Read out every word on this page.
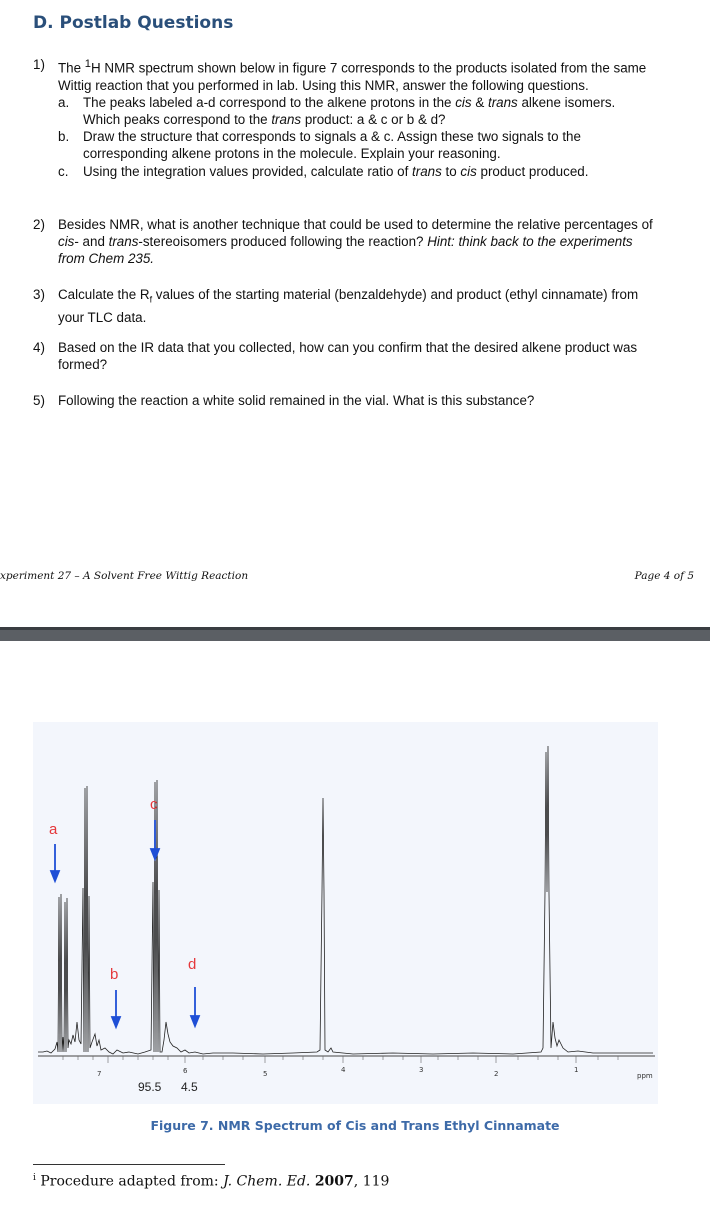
D. Postlab Questions
1) The $^1$H NMR spectrum shown below in figure 7 corresponds to the products isolated from the same Wittig reaction that you performed in lab. Using this NMR, answer the following questions.
a. The peaks labeled a-d correspond to the alkene protons in the cis & trans alkene isomers. Which peaks correspond to the trans product: a & c or b & d?
b. Draw the structure that corresponds to signals a & c. Assign these two signals to the corresponding alkene protons in the molecule. Explain your reasoning.
c. Using the integration values provided, calculate ratio of trans to cis product produced.
2) Besides NMR, what is another technique that could be used to determine the relative percentages of cis- and trans-stereoisomers produced following the reaction? Hint: think back to the experiments from Chem 235.
3) Calculate the $R_f$ values of the starting material (benzaldehyde) and product (ethyl cinnamate) from your TLC data.
4) Based on the IR data that you collected, how can you confirm that the desired alkene product was formed?
5) Following the reaction a white solid remained in the vial. What is this substance?
xperiment 27 – A Solvent Free Wittig Reaction	Page 4 of 5
7	6	5	4	3	2	1
ppm
a
b
c
d
95.5 4.5
Figure 7. NMR Spectrum of Cis and Trans Ethyl Cinnamate
$^i$ Procedure adapted from: J. Chem. Ed. 2007, 119
